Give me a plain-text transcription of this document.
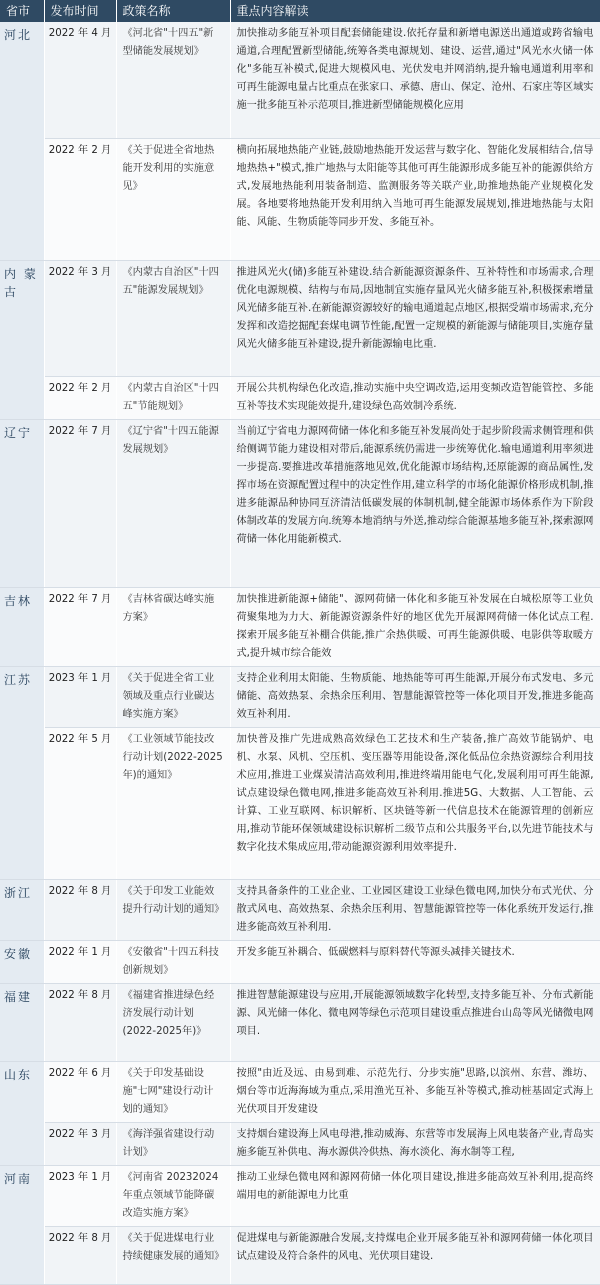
省市	发布时间	政策名称	重点内容解读
河北	2022 年 4 月	《河北省"十四五"新型储能发展规划》	加快推动多能互补项目配套储能建设.依托存量和新增电源送出通道或跨省输电通道,合理配置新型储能,统筹各类电源规划、建设、运营,通过"风光水火储一体化"多能互补模式,促进大规模风电、光伏发电并网消纳,提升输电通道利用率和可再生能源电量占比重点在张家口、承德、唐山、保定、沧州、石家庄等区域实施一批多能互补示范项目,推进新型储能规模化应用
	2022 年 2 月	《关于促进全省地热能开发利用的实施意见》	横向拓展地热能产业链,鼓励地热能开发运营与数字化、智能化发展相结合,信导地热热+"模式,推广地热与太阳能等其他可再生能源形成多能互补的能源供给方式,发展地热能利用装备制造、监测服务等关联产业,助推地热能产业规模化发展。各地要将地热能开发利用纳入当地可再生能源发展规划,推进地热能与太阳能、风能、生物质能等同步开发、多能互补。
内 蒙 古	2022 年 3 月	《内蒙古自治区"十四五"能源发展规划》	推进风光火(储)多能互补建设.结合新能源资源条件、互补特性和市场需求,合理优化电源规模、结构与布局,因地制宜实施存量风光火储多能互补,积极探索增量风光储多能互补.在新能源资源较好的输电通道起点地区,根据受端市场需求,充分发挥和改造挖掘配套煤电调节性能,配置一定规模的新能源与储能项目,实施存量风光火储多能互补建设,提升新能源输电比重.
	2022 年 2 月	《内蒙古自治区"十四五"节能规划》	开展公共机构绿色化改造,推动实施中央空调改造,运用变频改造智能管控、多能互补等技术实现能效提升,建设绿色高效制冷系统.
辽宁	2022 年 7 月	《辽宁省"十四五能源发展规划》	当前辽宁省电力源网荷储一体化和多能互补发展尚处于起步阶段需求侧管理和供给侧调节能力建设相对带后,能源系统仍需进一步统筹优化.输电通道利用率须进一步提高.要推进改革措施落地见效,优化能源市场结构,还原能源的商品属性,发挥市场在资源配置过程中的决定性作用,建立科学的市场化能源价格形成机制,推进多能源品种协同互济清洁低碳发展的体制机制,健全能源市场体系作为下阶段体制改革的发展方向.统筹本地消纳与外送,推动综合能源基地多能互补,探索源网荷储一体化用能新模式.
吉林	2022 年 7 月	《吉林省碳达峰实施方案》	加快推进新能源+储能"、源网荷储一体化和多能互补发展在白城松原等工业负荷聚集地为力大、新能源资源条件好的地区优先开展源网荷储一体化试点工程.探索开展多能互补棚合供能,推广余热供暖、可再生能源供暖、电影供等取暖方式,提升城市综合能效
江苏	2023 年 1 月	《关于促进全省工业领域及重点行业碳达峰实施方案》	支持企业利用太阳能、生物质能、地热能等可再生能源,开展分布式发电、多元储能、高效热泵、余热余压利用、智慧能源管控等一体化项目开发,推进多能高效互补利用.
	2022 年 5 月	《工业领域节能技改行动计划(2022-2025年)的通知》	加快普及推广先进成熟高效绿色工艺技术和生产装备,推广高效节能锅炉、电机、水泵、风机、空压机、变压器等用能设备,深化低品位余热资源综合利用技术应用,推进工业煤炭清洁高效利用,推进终端用能电气化,发展利用可再生能源,试点建设绿色微电网,推进多能高效互补利用.推进5G、大数据、人工智能、云计算、工业互联网、标识解析、区块链等新一代信息技术在能源管理的创新应用,推动节能环保领域建设标识解析二级节点和公共服务平台,以先进节能技术与数字化技术集成应用,带动能源资源利用效率提升.
浙江	2022 年 8 月	《关于印发工业能效提升行动计划的通知》	支持具备条件的工业企业、工业园区建设工业绿色微电网,加快分布式光伏、分散式风电、高效热泵、余热余压利用、智慧能源管控等一体化系统开发运行,推进多能高效互补利用.
安徽	2022 年 1 月	《安徽省"十四五科技创新规划》	开发多能互补耦合、低碳燃料与原料替代等源头减排关键技术.
福建	2022 年 8 月	《福建省推进绿色经济发展行动计划(2022-2025年)》	推进智慧能源建设与应用,开展能源领域数字化转型,支持多能互补、分布式新能源、风光储一体化、微电网等绿色示范项目建设重点推进台山岛等风光储微电网项目.
山东	2022 年 6 月	《关于印发基础设施"七网"建设行动计划的通知》	按照"由近及远、由易到难、示范先行、分步实施"思路,以滨州、东营、潍坊、烟台等市近海海域为重点,采用渔光互补、多能互补等模式,推动桩基固定式海上光伏项目开发建设
	2022 年 3 月	《海洋强省建设行动计划》	支持烟台建设海上风电母港,推动威海、东营等市发展海上风电装备产业,青岛实施多能互补供电、海水源供冷供热、海水淡化、海水制等工程,
河南	2023 年 1 月	《河南省 20232024 年重点领域节能降碳改造实施方案》	推动工业绿色微电网和源网荷储一体化项目建设,推进多能高效互补利用,提高终端用电的新能源电力比重
	2022 年 8 月	《关于促进煤电行业持续健康发展的通知》	促进煤电与新能源融合发展,支持煤电企业开展多能互补和源网荷储一体化项目试点建设及符合条件的风电、光伏项目建设.
